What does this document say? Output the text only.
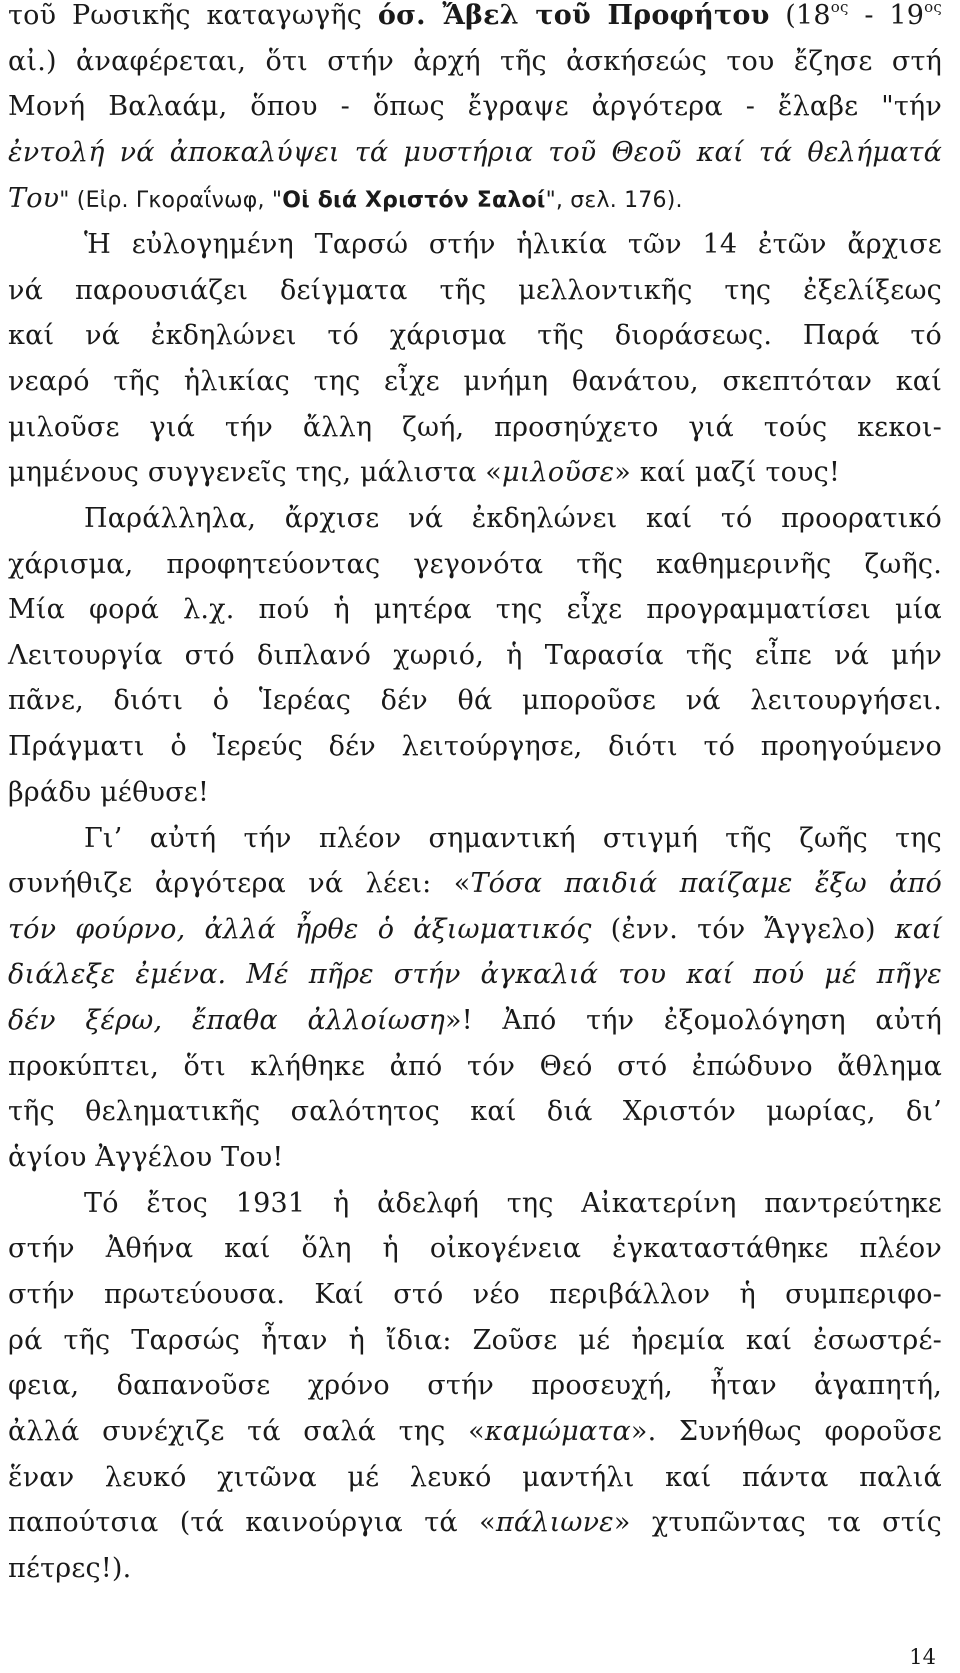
τοῦ Ρωσικῆς καταγωγῆς όσ. Ἄβελ τοῦ Προφήτου ($18^{o\varsigma} - 19^{o\varsigma}$
αἰ.) ἀναφέρεται, ὅτι στήν ἀρχή τῆς ἀσκήσεώς του ἔζησε στή
Μονή Βαλαάμ, ὅπου - ὅπως ἔγραψε ἀργότερα - ἔλαβε "τήν
ἐντολή νά ἀποκαλύψει τά μυστήρια τοῦ Θεοῦ καί τά θελήματά
Του" (Εἰρ. Γκοραΐνωφ, "Οἱ διά Χριστόν Σαλοί", σελ. 176).
Ἡ εὐλογημένη Ταρσώ στήν ἡλικία τῶν 14 ἐτῶν ἄρχισε
νά παρουσιάζει δείγματα τῆς μελλοντικῆς της ἐξελίξεως
καί νά ἐκδηλώνει τό χάρισμα τῆς διοράσεως. Παρά τό
νεαρό τῆς ἡλικίας της εἶχε μνήμη θανάτου, σκεπτόταν καί
μιλοῦσε γιά τήν ἄλλη ζωή, προσηύχετο γιά τούς κεκοι-
μημένους συγγενεῖς της, μάλιστα «μιλοῦσε» καί μαζί τους!
Παράλληλα, ἄρχισε νά ἐκδηλώνει καί τό προορατικό
χάρισμα, προφητεύοντας γεγονότα τῆς καθημερινῆς ζωῆς.
Μία φορά λ.χ. πού ἡ μητέρα της εἶχε προγραμματίσει μία
Λειτουργία στό διπλανό χωριό, ἡ Ταρασία τῆς εἶπε νά μήν
πᾶνε, διότι ὁ Ἱερέας δέν θά μποροῦσε νά λειτουργήσει.
Πράγματι ὁ Ἱερεύς δέν λειτούργησε, διότι τό προηγούμενο
βράδυ μέθυσε!
Γι’ αὐτή τήν πλέον σημαντική στιγμή τῆς ζωῆς της
συνήθιζε ἀργότερα νά λέει: «Τόσα παιδιά παίζαμε ἔξω ἀπό
τόν φούρνο, ἀλλά ἦρθε ὁ ἀξιωματικός (ἐνν. τόν Ἄγγελο) καί
διάλεξε ἐμένα. Μέ πῆρε στήν ἀγκαλιά του καί πού μέ πῆγε
δέν ξέρω, ἔπαθα ἀλλοίωση»! Ἀπό τήν ἐξομολόγηση αὐτή
προκύπτει, ὅτι κλήθηκε ἀπό τόν Θεό στό ἐπώδυνο ἄθλημα
τῆς θεληματικῆς σαλότητος καί διά Χριστόν μωρίας, δι’
ἁγίου Ἀγγέλου Του!
Τό ἔτος 1931 ἡ ἀδελφή της Αἰκατερίνη παντρεύτηκε
στήν Ἀθήνα καί ὅλη ἡ οἰκογένεια ἐγκαταστάθηκε πλέον
στήν πρωτεύουσα. Καί στό νέο περιβάλλον ἡ συμπεριφο-
ρά τῆς Ταρσώς ἦταν ἡ ἴδια: Ζοῦσε μέ ἠρεμία καί ἐσωστρέ-
φεια, δαπανοῦσε χρόνο στήν προσευχή, ἦταν ἀγαπητή,
ἀλλά συνέχιζε τά σαλά της «καμώματα». Συνήθως φοροῦσε
ἕναν λευκό χιτῶνα μέ λευκό μαντήλι καί πάντα παλιά
παπούτσια (τά καινούργια τά «πάλιωνε» χτυπῶντας τα στίς
πέτρες!).
14
